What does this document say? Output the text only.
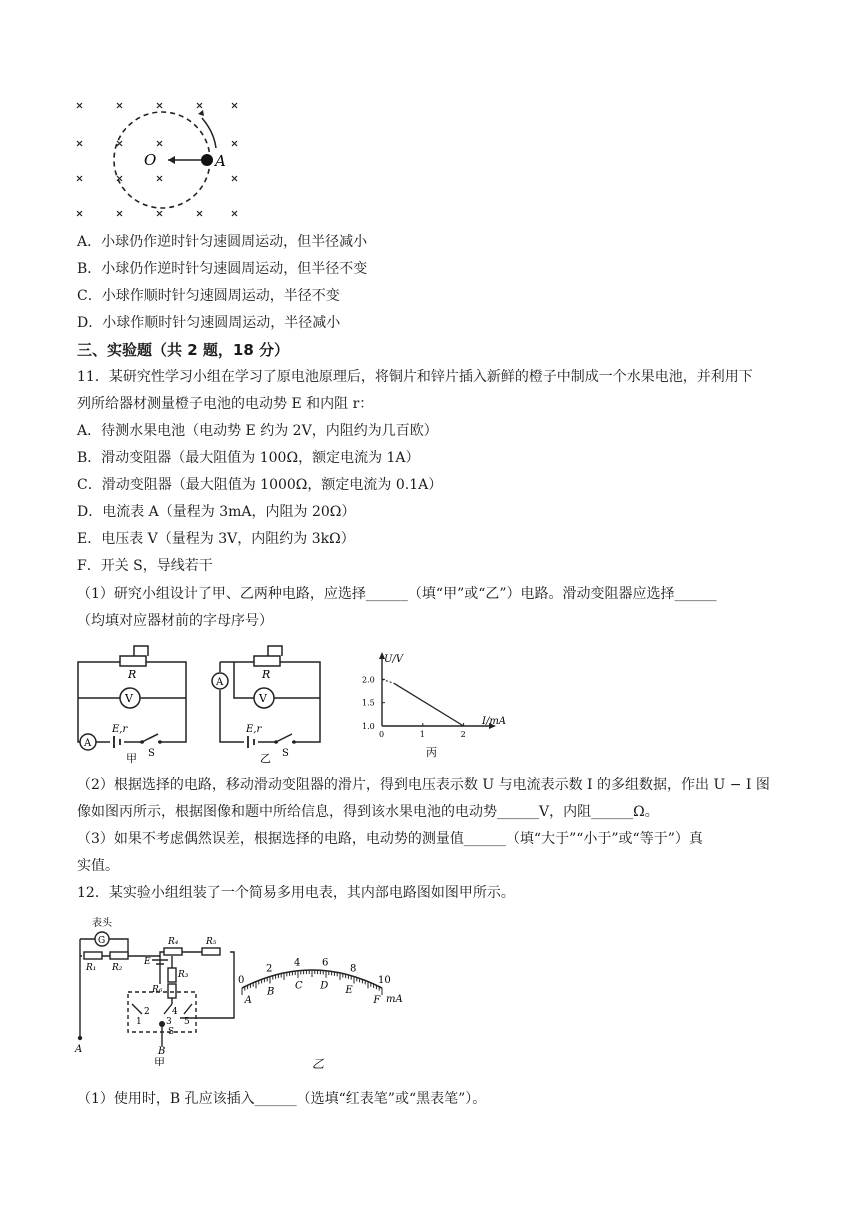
O	A
A．小球仍作逆时针匀速圆周运动，但半径减小
B．小球仍作逆时针匀速圆周运动，但半径不变
C．小球作顺时针匀速圆周运动，半径不变
D．小球作顺时针匀速圆周运动，半径减小
三、实验题（共 2 题，18 分）
11．某研究性学习小组在学习了原电池原理后，将铜片和锌片插入新鲜的橙子中制成一个水果电池，并利用下
列所给器材测量橙子电池的电动势 E 和内阻 r：
A．待测水果电池（电动势 E 约为 2V，内阻约为几百欧）
B．滑动变阻器（最大阻值为 100Ω，额定电流为 1A）
C．滑动变阻器（最大阻值为 1000Ω，额定电流为 0.1A）
D．电流表 A（量程为 3mA，内阻为 20Ω）
E．电压表 V（量程为 3V，内阻约为 3kΩ）
F．开关 S，导线若干
（1）研究小组设计了甲、乙两种电路，应选择______（填“甲”或“乙”）电路。滑动变阻器应选择______
（均填对应器材前的字母序号）
R
V
A
E,r
S
甲
R
V
A
E,r
S
乙
U/V
I/mA
1.0
1.5
2.0
0	1	2
丙
（2）根据选择的电路，移动滑动变阻器的滑片，得到电压表示数 U 与电流表示数 I 的多组数据，作出 U − I 图
像如图丙所示，根据图像和题中所给信息，得到该水果电池的电动势______V，内阻______Ω。
（3）如果不考虑偶然误差，根据选择的电路，电动势的测量值______（填“大于”“小于”或“等于”）真
实值。
12．某实验小组组装了一个简易多用电表，其内部电路图如图甲所示。
表头
G
R₁ R₂
R₄	R₅
E
R₃
R₆
1
2
3
4
5
S
A	B
甲
0
2
4 6
8
10
A
B
C D E
F mA
乙
（1）使用时，B 孔应该插入______（选填“红表笔”或“黑表笔”）。
